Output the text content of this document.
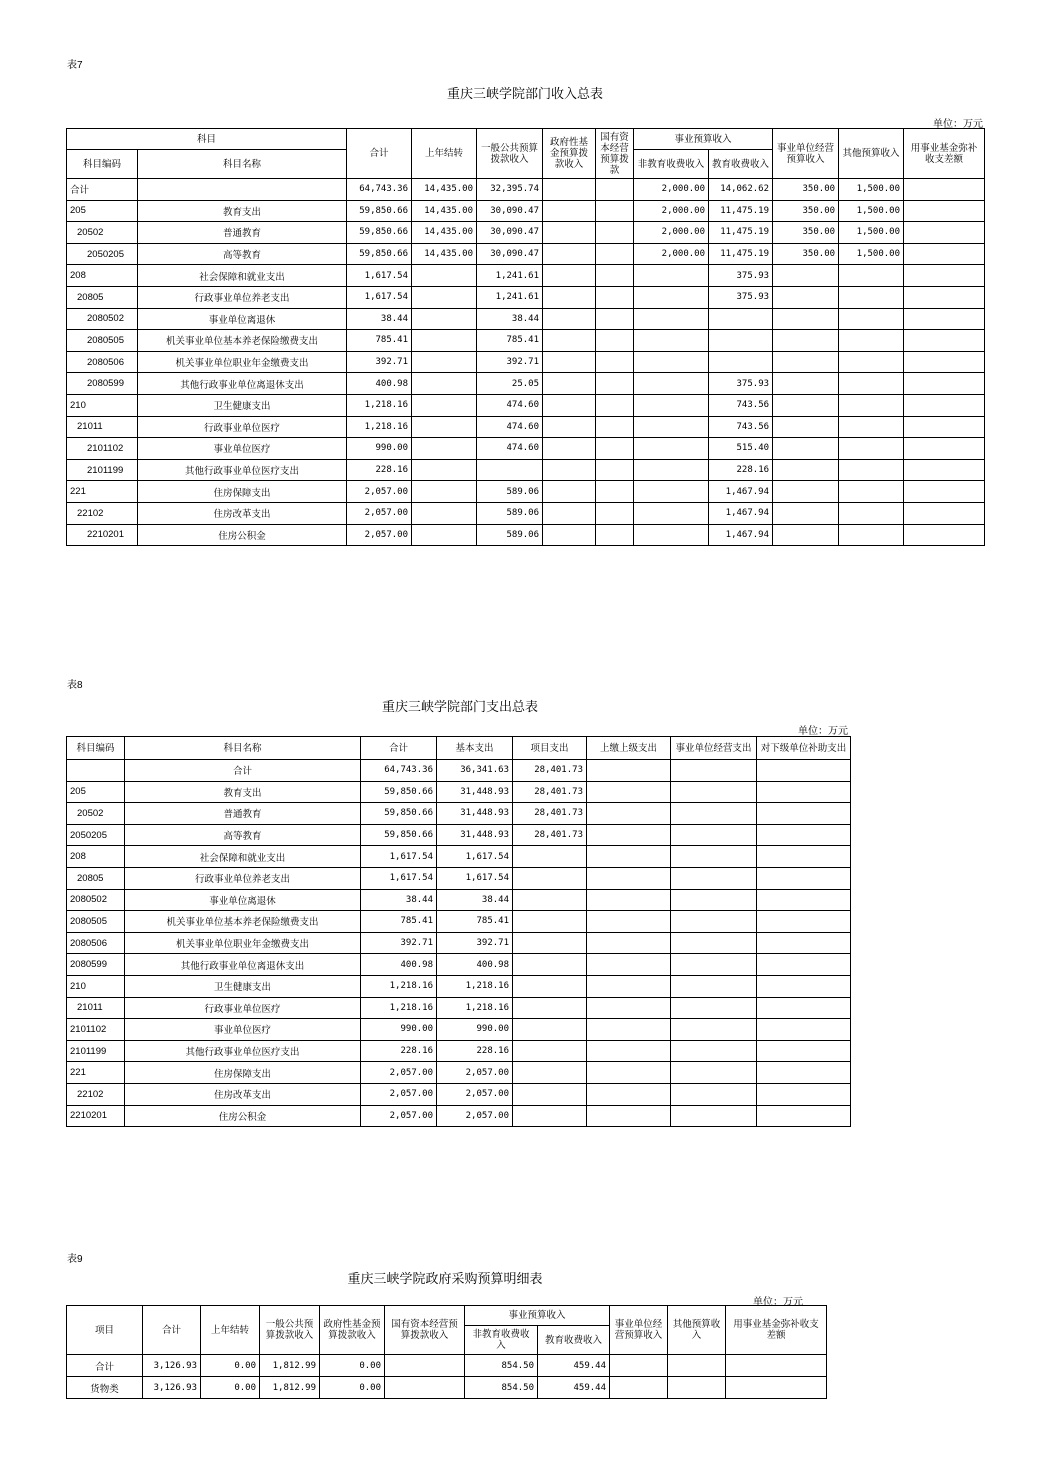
表7
重庆三峡学院部门收入总表
单位：万元
科目		合计	上年结转	一般公共预算拨款收入	政府性基金预算拨款收入	国有资本经营预算拨款	事业预算收入		事业单位经营预算收入	其他预算收入	用事业基金弥补收支差额
科目编码	科目名称						非教育收费收入	教育收费收入			
合计		64,743.36	14,435.00	32,395.74			2,000.00	14,062.62	350.00	1,500.00	
205	教育支出	59,850.66	14,435.00	30,090.47			2,000.00	11,475.19	350.00	1,500.00	
20502	普通教育	59,850.66	14,435.00	30,090.47			2,000.00	11,475.19	350.00	1,500.00	
2050205	高等教育	59,850.66	14,435.00	30,090.47			2,000.00	11,475.19	350.00	1,500.00	
208	社会保障和就业支出	1,617.54		1,241.61				375.93			
20805	行政事业单位养老支出	1,617.54		1,241.61				375.93			
2080502	事业单位离退休	38.44		38.44							
2080505	机关事业单位基本养老保险缴费支出	785.41		785.41							
2080506	机关事业单位职业年金缴费支出	392.71		392.71							
2080599	其他行政事业单位离退休支出	400.98		25.05				375.93			
210	卫生健康支出	1,218.16		474.60				743.56			
21011	行政事业单位医疗	1,218.16		474.60				743.56			
2101102	事业单位医疗	990.00		474.60				515.40			
2101199	其他行政事业单位医疗支出	228.16						228.16			
221	住房保障支出	2,057.00		589.06				1,467.94			
22102	住房改革支出	2,057.00		589.06				1,467.94			
2210201	住房公积金	2,057.00		589.06				1,467.94			
表8
重庆三峡学院部门支出总表
单位：万元
科目编码	科目名称	合计	基本支出	项目支出	上缴上级支出	事业单位经营支出	对下级单位补助支出
	合计	64,743.36	36,341.63	28,401.73			
205	教育支出	59,850.66	31,448.93	28,401.73			
20502	普通教育	59,850.66	31,448.93	28,401.73			
2050205	高等教育	59,850.66	31,448.93	28,401.73			
208	社会保障和就业支出	1,617.54	1,617.54				
20805	行政事业单位养老支出	1,617.54	1,617.54				
2080502	事业单位离退休	38.44	38.44				
2080505	机关事业单位基本养老保险缴费支出	785.41	785.41				
2080506	机关事业单位职业年金缴费支出	392.71	392.71				
2080599	其他行政事业单位离退休支出	400.98	400.98				
210	卫生健康支出	1,218.16	1,218.16				
21011	行政事业单位医疗	1,218.16	1,218.16				
2101102	事业单位医疗	990.00	990.00				
2101199	其他行政事业单位医疗支出	228.16	228.16				
221	住房保障支出	2,057.00	2,057.00				
22102	住房改革支出	2,057.00	2,057.00				
2210201	住房公积金	2,057.00	2,057.00				
表9
重庆三峡学院政府采购预算明细表
单位：万元
项目	合计	上年结转	一般公共预算拨款收入	政府性基金预算拨款收入	国有资本经营预算拨款收入	事业预算收入		事业单位经营预算收入	其他预算收入	用事业基金弥补收支差额
						非教育收费收入	教育收费收入			
合计	3,126.93	0.00	1,812.99	0.00		854.50	459.44			
货物类	3,126.93	0.00	1,812.99	0.00		854.50	459.44			
